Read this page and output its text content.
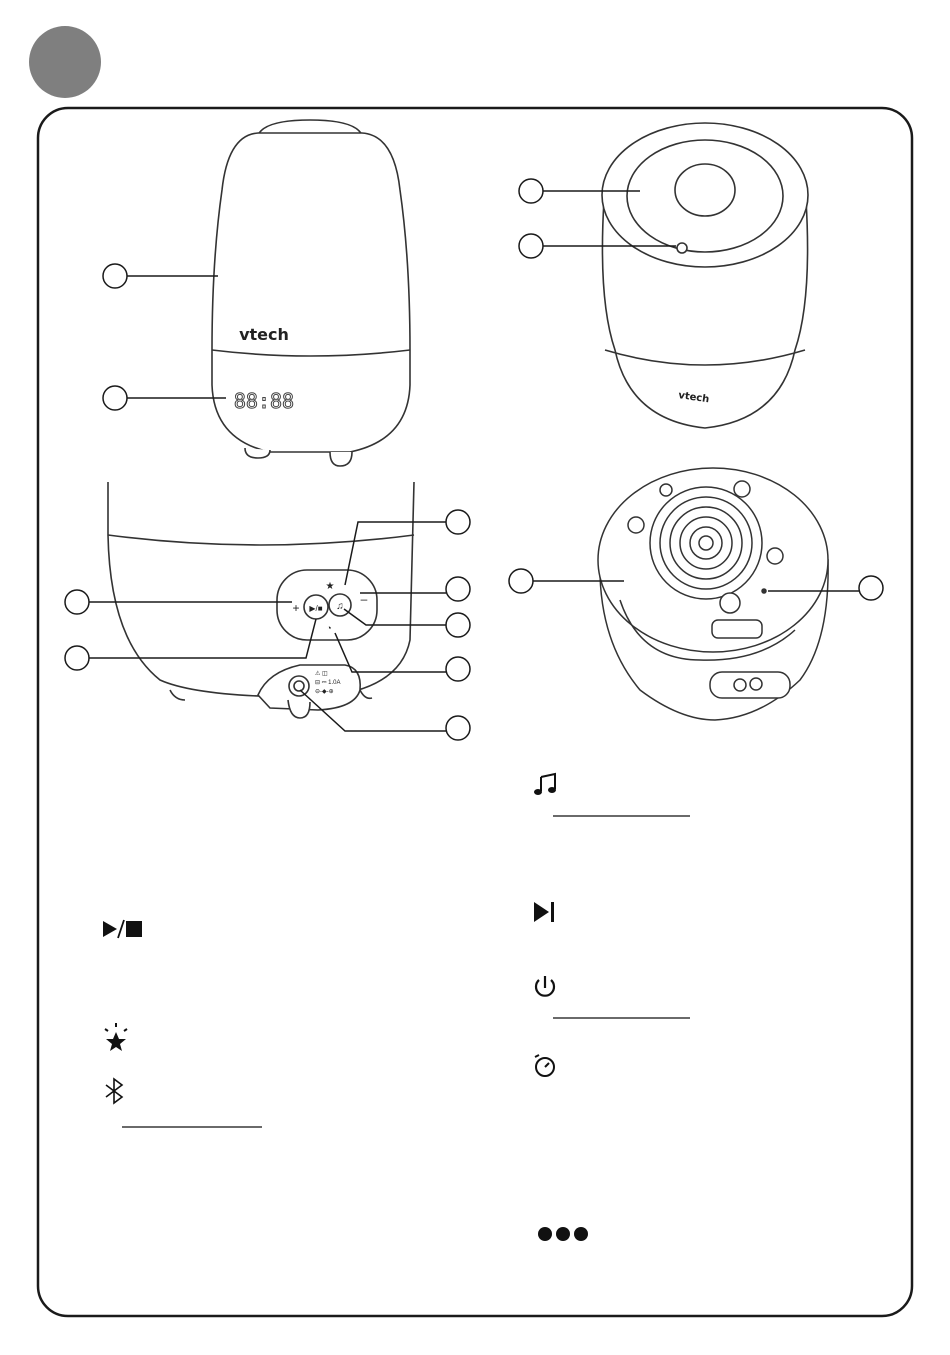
vtech
88:88	vtech
+
–
▶/■ ♫
★
◔
⚠ ◫
⊟ ⎓ 1.0A
⊖-◆-⊕
